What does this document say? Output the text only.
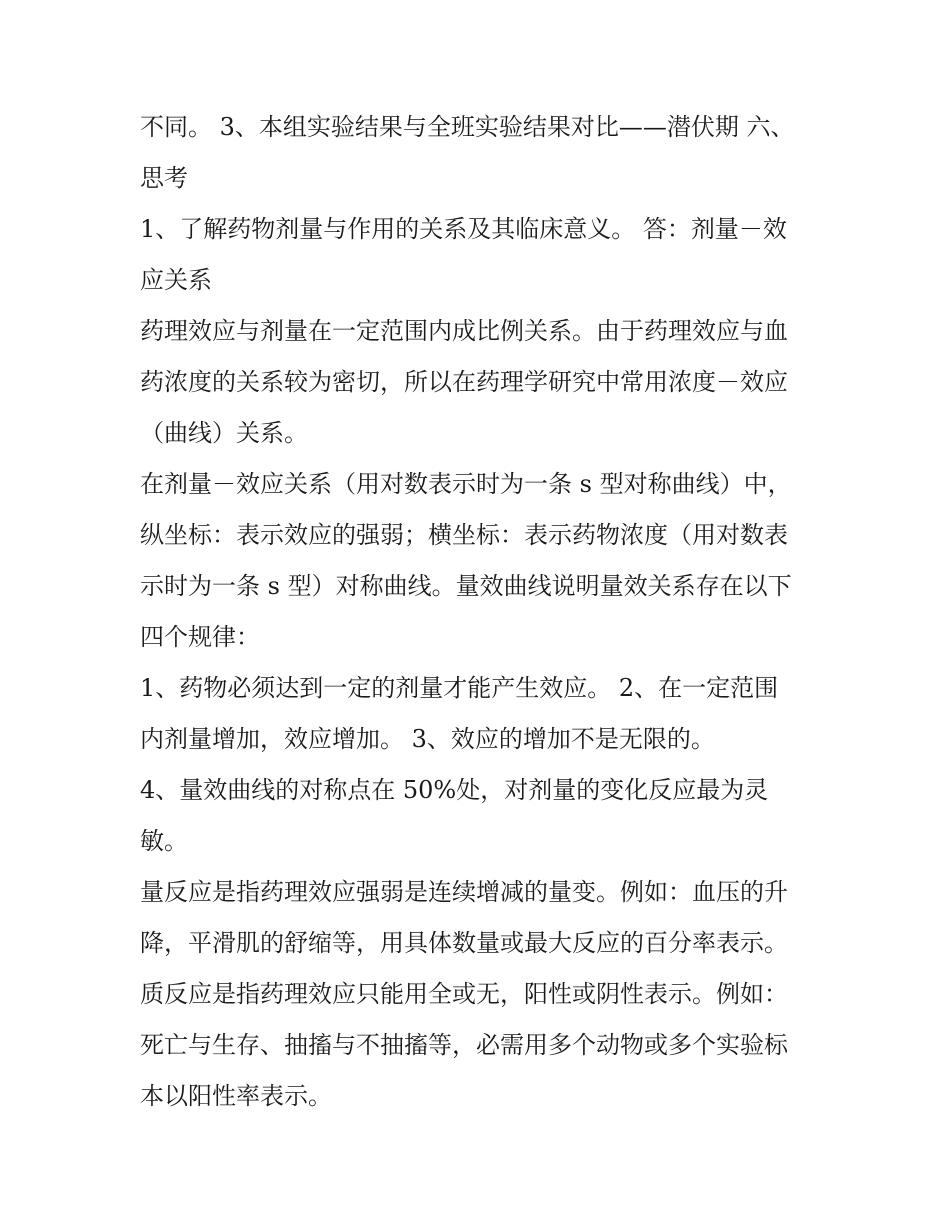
不同。 3、本组实验结果与全班实验结果对比——潜伏期 六、
思考

1、了解药物剂量与作用的关系及其临床意义。 答：剂量－效
应关系

药理效应与剂量在一定范围内成比例关系。由于药理效应与血
药浓度的关系较为密切，所以在药理学研究中常用浓度－效应
（曲线）关系。

在剂量－效应关系（用对数表示时为一条 s 型对称曲线）中，
纵坐标：表示效应的强弱；横坐标：表示药物浓度（用对数表
示时为一条 s 型）对称曲线。量效曲线说明量效关系存在以下
四个规律：

1、药物必须达到一定的剂量才能产生效应。 2、在一定范围
内剂量增加，效应增加。 3、效应的增加不是无限的。

4、量效曲线的对称点在 50%处，对剂量的变化反应最为灵
敏。

量反应是指药理效应强弱是连续增减的量变。例如：血压的升
降，平滑肌的舒缩等，用具体数量或最大反应的百分率表示。

质反应是指药理效应只能用全或无，阳性或阴性表示。例如：
死亡与生存、抽搐与不抽搐等，必需用多个动物或多个实验标
本以阳性率表示。
